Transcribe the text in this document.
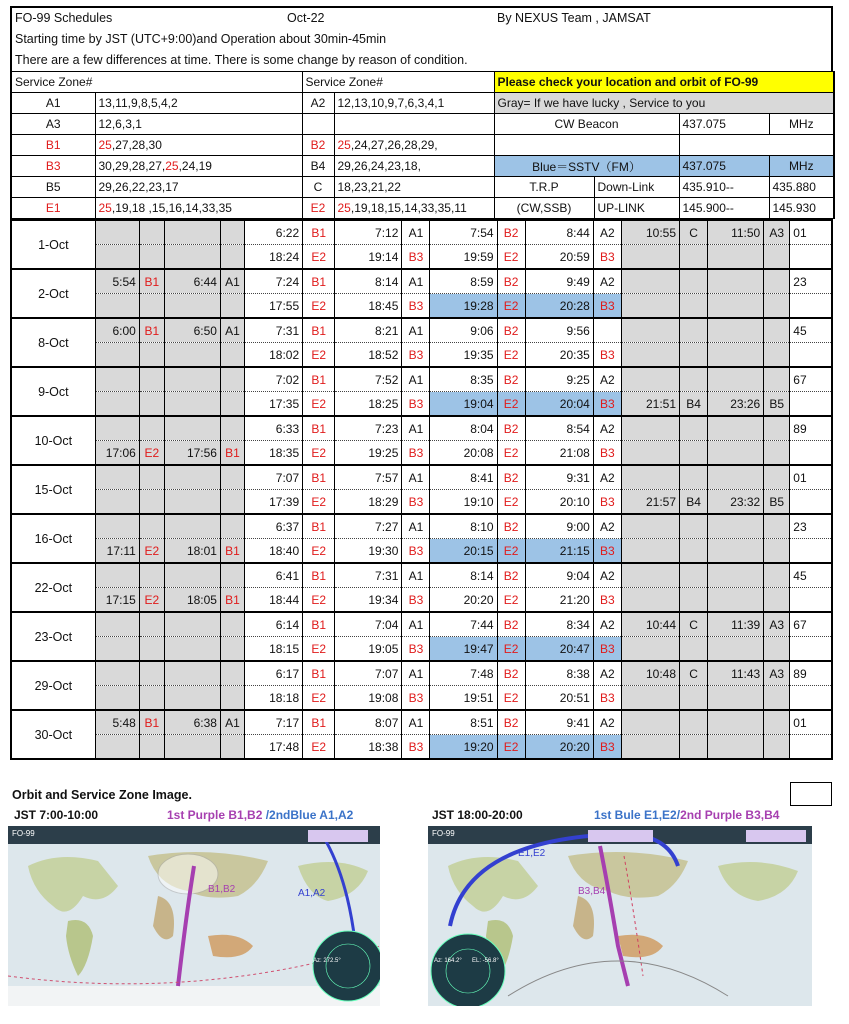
FO-99 Schedules	Oct-22	By NEXUS Team , JAMSAT
Starting time by JST (UTC+9:00)and Operation about 30min-45min
There are a few differences at time. There is some change by reason of condition.
Service Zone#		Service Zone#		Please check your location and orbit of FO-99			
A1	13,11,9,8,5,4,2	A2	12,13,10,9,7,6,3,4,1	Gray= If we have lucky , Service to you			
A3	12,6,3,1			CW Beacon		437.075	MHz
B1	25,27,28,30	B2	25,24,27,26,28,29,				
B3	30,29,28,27,25,24,19	B4	29,26,24,23,18,	Blue＝SSTV（FM）		437.075	MHz
B5	29,26,22,23,17	C	18,23,21,22	T.R.P	Down-Link	435.910--	435.880
E1	25,19,18 ,15,16,14,33,35	E2	25,19,18,15,14,33,35,11	(CW,SSB)	UP-LINK	145.900--	145.930
1-Oct					6:22	B1	7:12	A1	7:54	B2	8:44	A2	10:55	C	11:50	A3	01
					18:24	E2	19:14	B3	19:59	E2	20:59	B3					
2-Oct	5:54	B1	6:44	A1	7:24	B1	8:14	A1	8:59	B2	9:49	A2					23
					17:55	E2	18:45	B3	19:28	E2	20:28	B3					
8-Oct	6:00	B1	6:50	A1	7:31	B1	8:21	A1	9:06	B2	9:56						45
					18:02	E2	18:52	B3	19:35	E2	20:35	B3					
9-Oct					7:02	B1	7:52	A1	8:35	B2	9:25	A2					67
					17:35	E2	18:25	B3	19:04	E2	20:04	B3	21:51	B4	23:26	B5	
10-Oct					6:33	B1	7:23	A1	8:04	B2	8:54	A2					89
	17:06	E2	17:56	B1	18:35	E2	19:25	B3	20:08	E2	21:08	B3					
15-Oct					7:07	B1	7:57	A1	8:41	B2	9:31	A2					01
					17:39	E2	18:29	B3	19:10	E2	20:10	B3	21:57	B4	23:32	B5	
16-Oct					6:37	B1	7:27	A1	8:10	B2	9:00	A2					23
	17:11	E2	18:01	B1	18:40	E2	19:30	B3	20:15	E2	21:15	B3					
22-Oct					6:41	B1	7:31	A1	8:14	B2	9:04	A2					45
	17:15	E2	18:05	B1	18:44	E2	19:34	B3	20:20	E2	21:20	B3					
23-Oct					6:14	B1	7:04	A1	7:44	B2	8:34	A2	10:44	C	11:39	A3	67
					18:15	E2	19:05	B3	19:47	E2	20:47	B3					
29-Oct					6:17	B1	7:07	A1	7:48	B2	8:38	A2	10:48	C	11:43	A3	89
					18:18	E2	19:08	B3	19:51	E2	20:51	B3					
30-Oct	5:48	B1	6:38	A1	7:17	B1	8:07	A1	8:51	B2	9:41	A2					01
					17:48	E2	18:38	B3	19:20	E2	20:20	B3					
Orbit and Service Zone Image.
JST 7:00-10:00	1st Purple B1,B2 /2ndBlue A1,A2	JST 18:00-20:00	1st Bule E1,E2/2nd Purple B3,B4
FO-99
B1,B2	A1,A2
Az: 272.5°
FO-99
E1,E2
B3,B4
Az: 164.2° EL: -56.8°
